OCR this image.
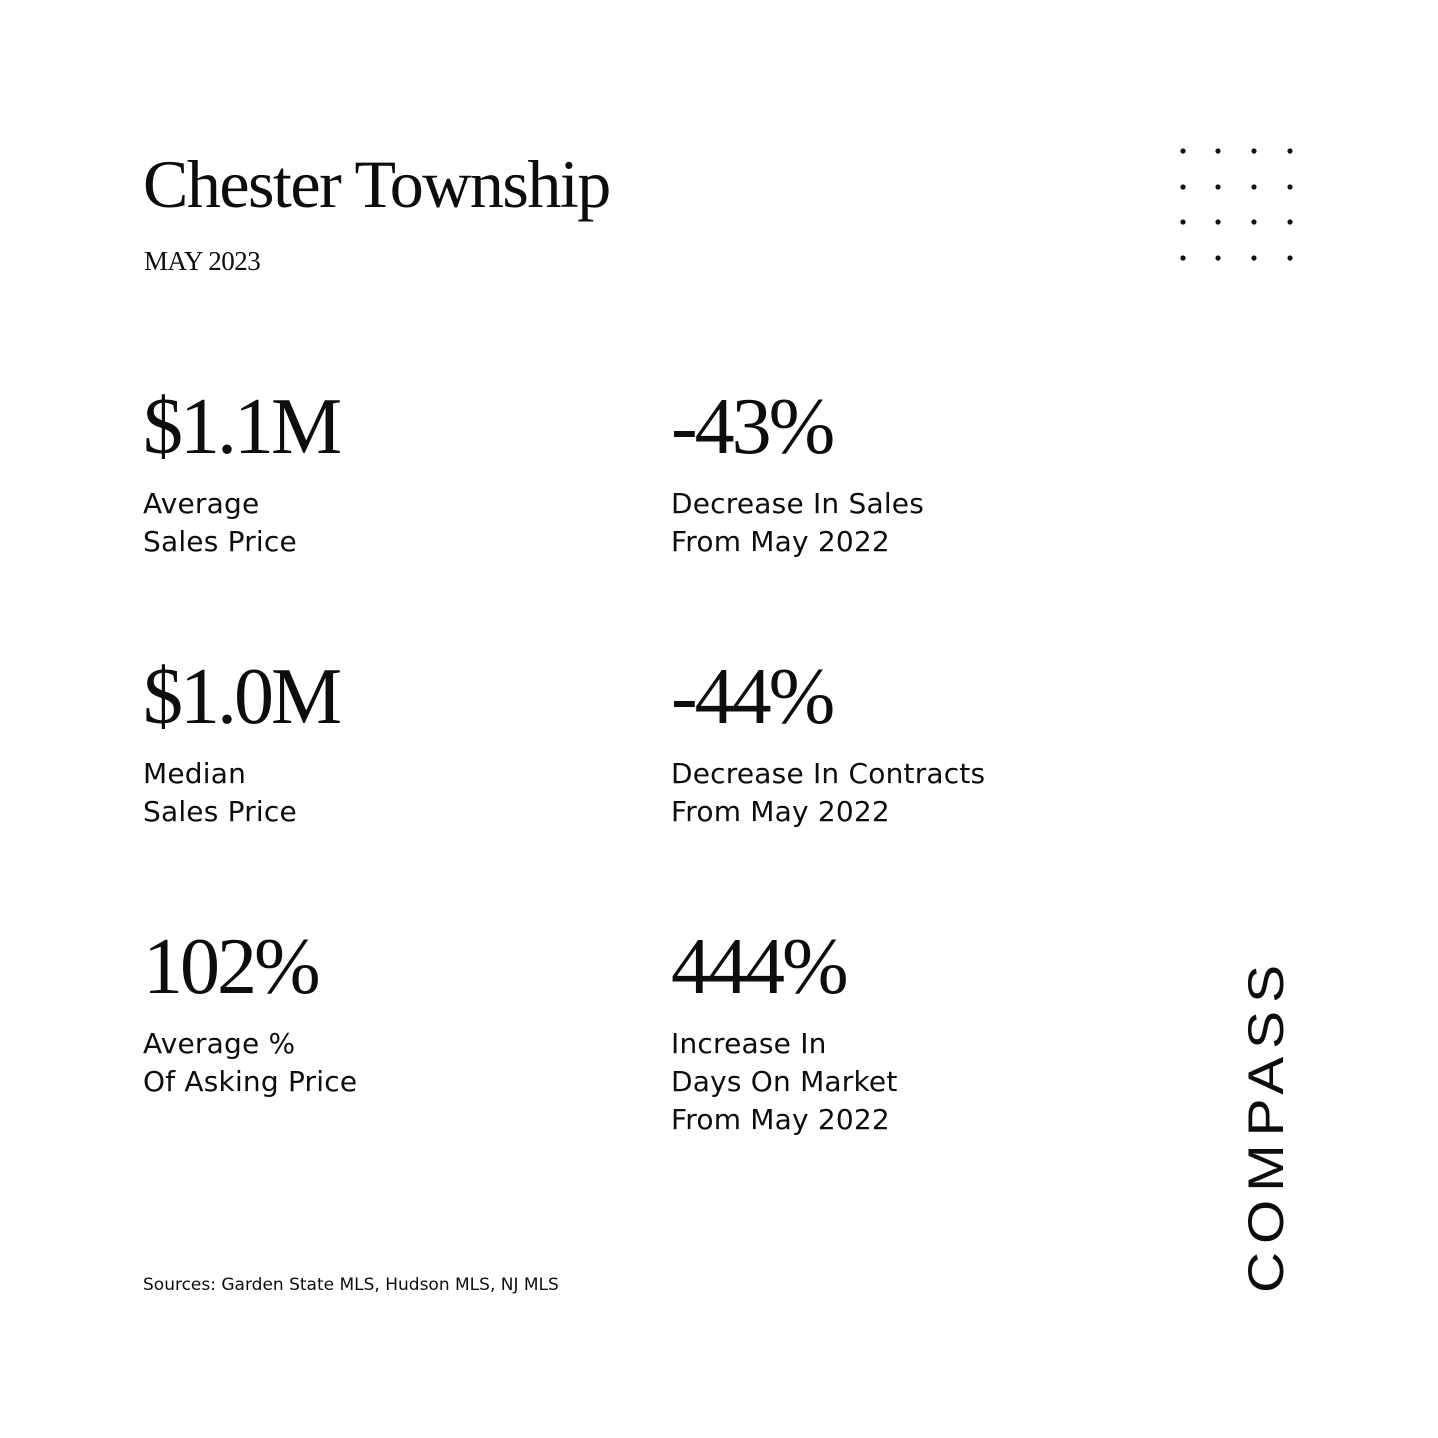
Chester Township
MAY 2023
$1.1M
Average
Sales Price
-43%
Decrease In Sales
From May 2022
$1.0M
Median
Sales Price
-44%
Decrease In Contracts
From May 2022
102%
Average %
Of Asking Price
444%
Increase In
Days On Market
From May 2022
Sources: Garden State MLS, Hudson MLS, NJ MLS	COMPASS
